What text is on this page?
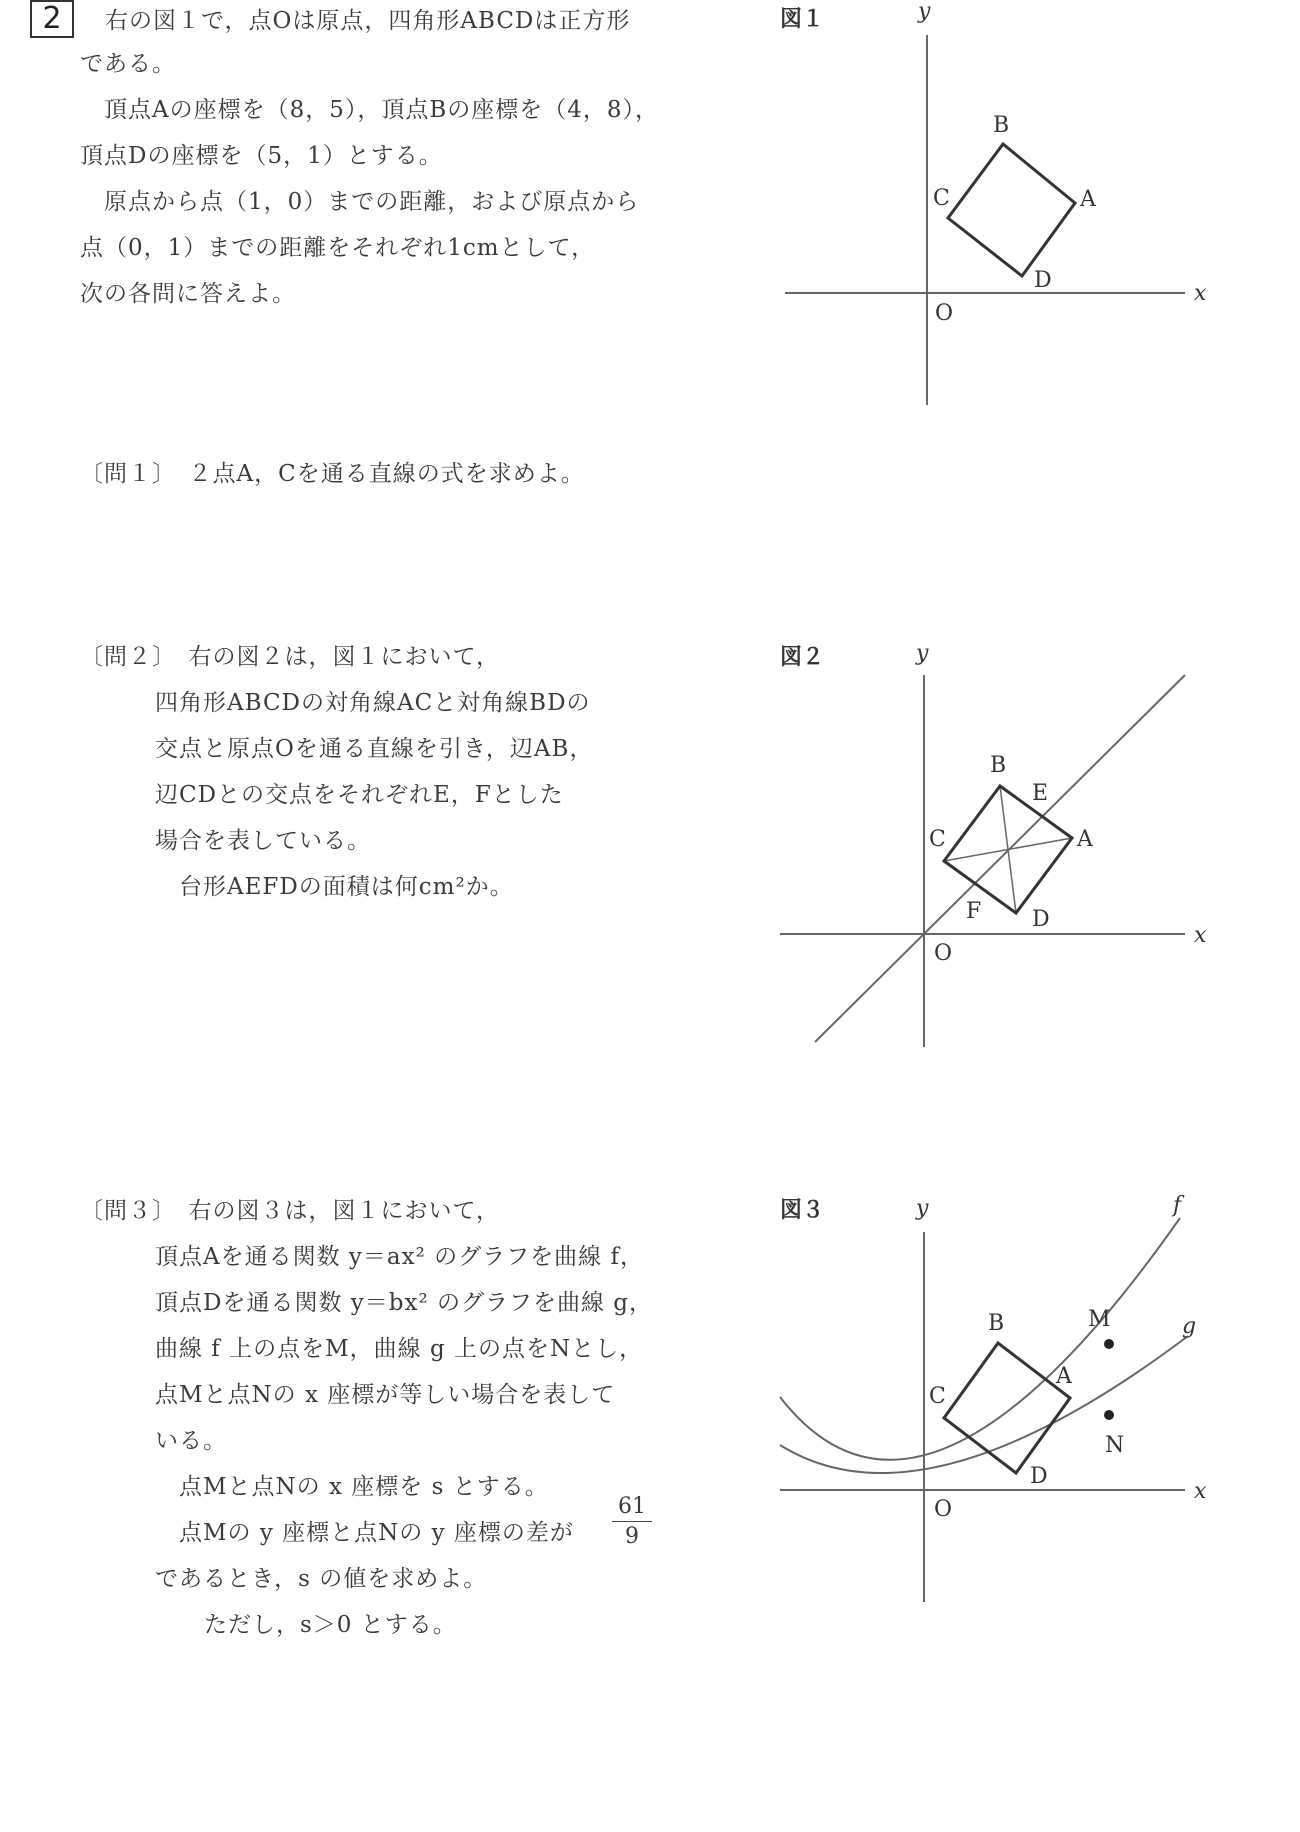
2	右の図１で，点Oは原点，四角形ABCDは正方形
である。
　頂点Aの座標を（8，5），頂点Bの座標を（4，8），
頂点Dの座標を（5，1）とする。
　原点から点（1，0）までの距離，および原点から
点（0，1）までの距離をそれぞれ1cmとして，
次の各問に答えよ。
〔問１〕　２点A，Cを通る直線の式を求めよ。
〔問２〕　右の図２は，図１において，
四角形ABCDの対角線ACと対角線BDの
交点と原点Oを通る直線を引き，辺AB，
辺CDとの交点をそれぞれE，Fとした
場合を表している。
　台形AEFDの面積は何cm²か。
〔問３〕　右の図３は，図１において，
頂点Aを通る関数 y＝ax² のグラフを曲線 f，
頂点Dを通る関数 y＝bx² のグラフを曲線 g，
曲線 f 上の点をM，曲線 g 上の点をNとし，
点Mと点Nの x 座標が等しい場合を表して
いる。
　点Mと点Nの x 座標を s とする。
　点Mの y 座標と点Nの y 座標の差が
61
9
であるとき，s の値を求めよ。
　ただし，s＞0 とする。
図１	y
x
O
A
B
C
D
図２	y
x
O
A
B
C
D
E
F
図３	y
x
O
A
B
C
D
M
N
f
g
